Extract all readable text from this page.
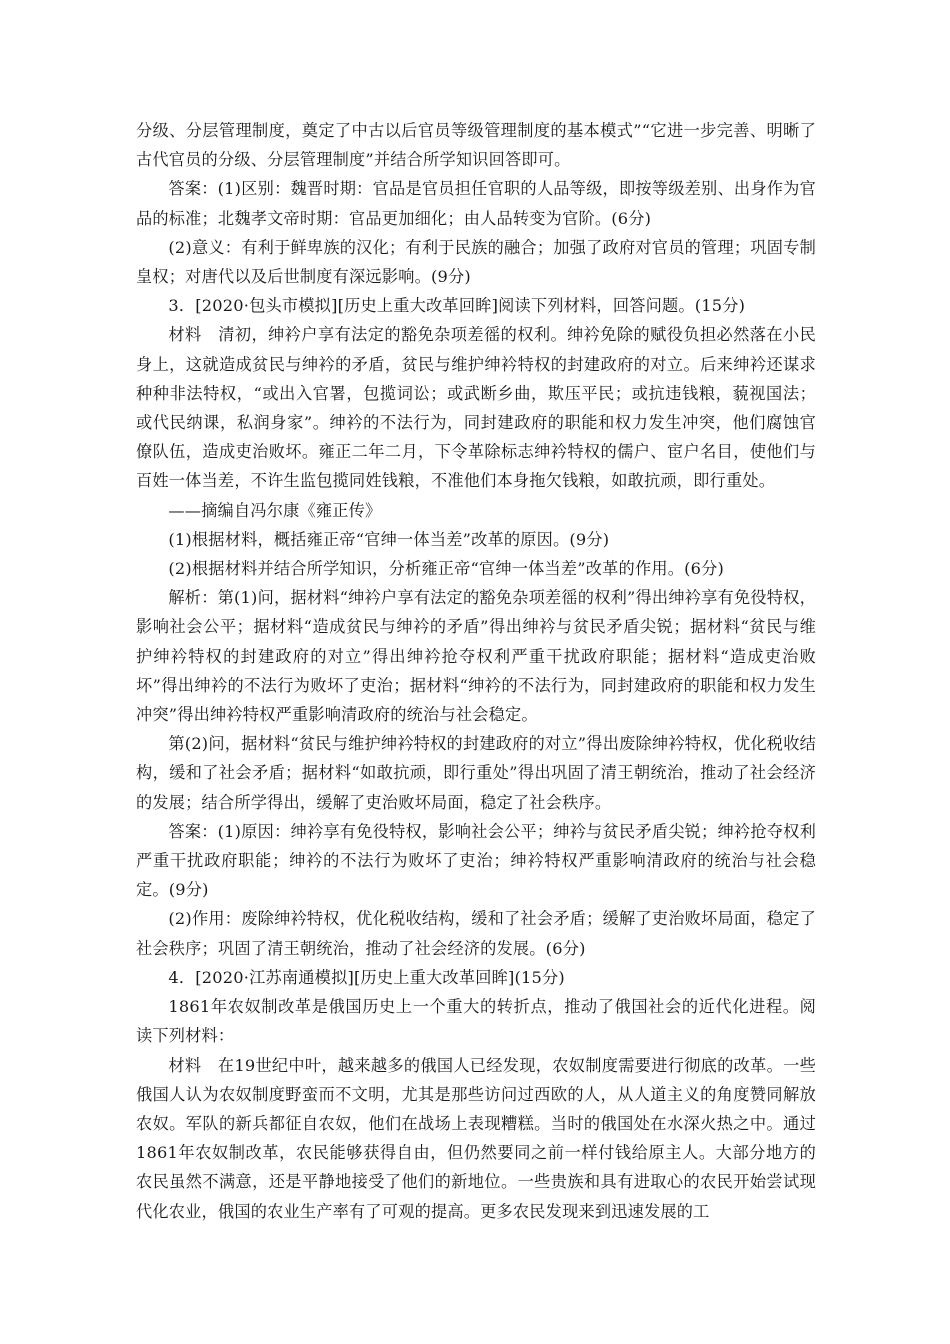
分级、分层管理制度，奠定了中古以后官员等级管理制度的基本模式”“它进一步完善、明晰了古代官员的分级、分层管理制度”并结合所学知识回答即可。

答案：(1)区别：魏晋时期：官品是官员担任官职的人品等级，即按等级差别、出身作为官品的标准；北魏孝文帝时期：官品更加细化；由人品转变为官阶。(6分)

(2)意义：有利于鲜卑族的汉化；有利于民族的融合；加强了政府对官员的管理；巩固专制皇权；对唐代以及后世制度有深远影响。(9分)

3．[2020·包头市模拟][历史上重大改革回眸]阅读下列材料，回答问题。(15分)

材料　清初，绅衿户享有法定的豁免杂项差徭的权利。绅衿免除的赋役负担必然落在小民身上，这就造成贫民与绅衿的矛盾，贫民与维护绅衿特权的封建政府的对立。后来绅衿还谋求种种非法特权，“或出入官署，包揽词讼；或武断乡曲，欺压平民；或抗违钱粮，藐视国法；或代民纳课，私润身家”。绅衿的不法行为，同封建政府的职能和权力发生冲突，他们腐蚀官僚队伍，造成吏治败坏。雍正二年二月，下令革除标志绅衿特权的儒户、宦户名目，使他们与百姓一体当差，不许生监包揽同姓钱粮，不准他们本身拖欠钱粮，如敢抗顽，即行重处。

——摘编自冯尔康《雍正传》

(1)根据材料，概括雍正帝“官绅一体当差”改革的原因。(9分)

(2)根据材料并结合所学知识，分析雍正帝“官绅一体当差”改革的作用。(6分)

解析：第(1)问，据材料“绅衿户享有法定的豁免杂项差徭的权利”得出绅衿享有免役特权，影响社会公平；据材料“造成贫民与绅衿的矛盾”得出绅衿与贫民矛盾尖锐；据材料“贫民与维护绅衿特权的封建政府的对立”得出绅衿抢夺权利严重干扰政府职能；据材料“造成吏治败坏”得出绅衿的不法行为败坏了吏治；据材料“绅衿的不法行为，同封建政府的职能和权力发生冲突”得出绅衿特权严重影响清政府的统治与社会稳定。

第(2)问，据材料“贫民与维护绅衿特权的封建政府的对立”得出废除绅衿特权，优化税收结构，缓和了社会矛盾；据材料“如敢抗顽，即行重处”得出巩固了清王朝统治，推动了社会经济的发展；结合所学得出，缓解了吏治败坏局面，稳定了社会秩序。

答案：(1)原因：绅衿享有免役特权，影响社会公平；绅衿与贫民矛盾尖锐；绅衿抢夺权利严重干扰政府职能；绅衿的不法行为败坏了吏治；绅衿特权严重影响清政府的统治与社会稳定。(9分)

(2)作用：废除绅衿特权，优化税收结构，缓和了社会矛盾；缓解了吏治败坏局面，稳定了社会秩序；巩固了清王朝统治，推动了社会经济的发展。(6分)

4．[2020·江苏南通模拟][历史上重大改革回眸](15分)

1861年农奴制改革是俄国历史上一个重大的转折点，推动了俄国社会的近代化进程。阅读下列材料：

材料　在19世纪中叶，越来越多的俄国人已经发现，农奴制度需要进行彻底的改革。一些俄国人认为农奴制度野蛮而不文明，尤其是那些访问过西欧的人，从人道主义的角度赞同解放农奴。军队的新兵都征自农奴，他们在战场上表现糟糕。当时的俄国处在水深火热之中。通过1861年农奴制改革，农民能够获得自由，但仍然要同之前一样付钱给原主人。大部分地方的农民虽然不满意，还是平静地接受了他们的新地位。一些贵族和具有进取心的农民开始尝试现代化农业，俄国的农业生产率有了可观的提高。更多农民发现来到迅速发展的工
